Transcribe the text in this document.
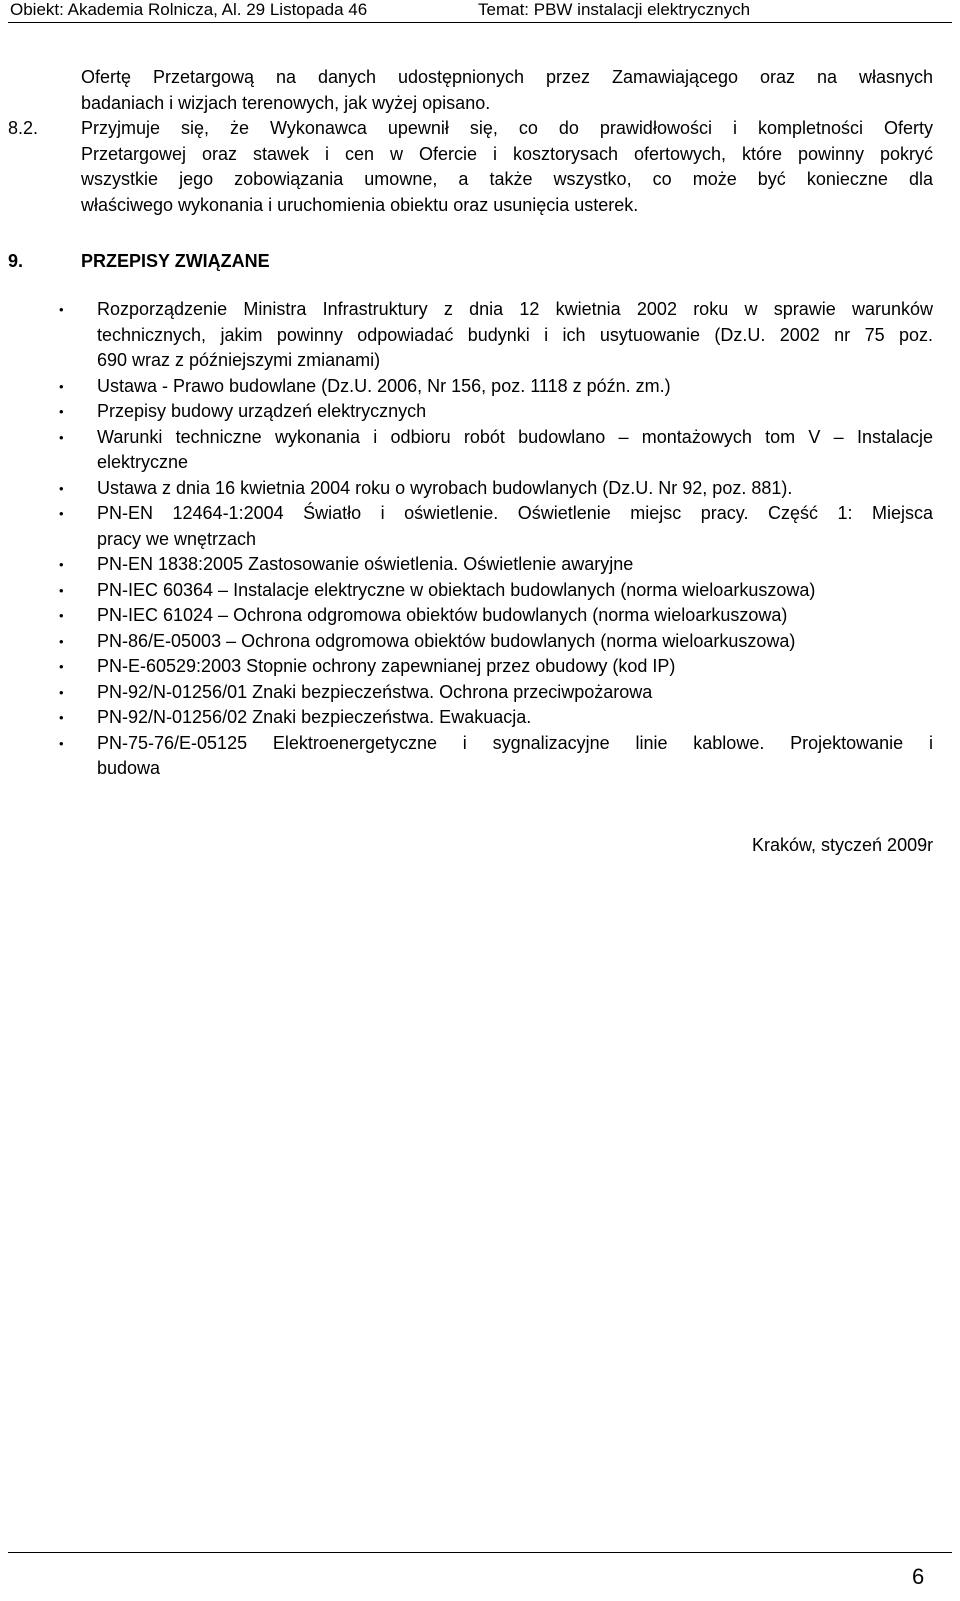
Obiekt: Akademia Rolnicza, Al. 29 Listopada 46	Temat: PBW instalacji elektrycznych
Ofertę Przetargową na danych udostępnionych przez Zamawiającego oraz na własnych
badaniach i wizjach terenowych, jak wyżej opisano.
8.2. Przyjmuje się, że Wykonawca upewnił się, co do prawidłowości i kompletności Oferty
Przetargowej oraz stawek i cen w Ofercie i kosztorysach ofertowych, które powinny pokryć
wszystkie jego zobowiązania umowne, a także wszystko, co może być konieczne dla
właściwego wykonania i uruchomienia obiektu oraz usunięcia usterek.
9.	PRZEPISY ZWIĄZANE
• Rozporządzenie Ministra Infrastruktury z dnia 12 kwietnia 2002 roku w sprawie warunków
technicznych, jakim powinny odpowiadać budynki i ich usytuowanie (Dz.U. 2002 nr 75 poz.
690 wraz z późniejszymi zmianami)
• Ustawa - Prawo budowlane (Dz.U. 2006, Nr 156, poz. 1118 z późn. zm.)
• Przepisy budowy urządzeń elektrycznych
• Warunki techniczne wykonania i odbioru robót budowlano – montażowych tom V – Instalacje
elektryczne
• Ustawa z dnia 16 kwietnia 2004 roku o wyrobach budowlanych (Dz.U. Nr 92, poz. 881).
• PN-EN 12464-1:2004 Światło i oświetlenie. Oświetlenie miejsc pracy. Część 1: Miejsca
pracy we wnętrzach
• PN-EN 1838:2005 Zastosowanie oświetlenia. Oświetlenie awaryjne
• PN-IEC 60364 – Instalacje elektryczne w obiektach budowlanych (norma wieloarkuszowa)
• PN-IEC 61024 – Ochrona odgromowa obiektów budowlanych (norma wieloarkuszowa)
• PN-86/E-05003 – Ochrona odgromowa obiektów budowlanych (norma wieloarkuszowa)
• PN-E-60529:2003 Stopnie ochrony zapewnianej przez obudowy (kod IP)
• PN-92/N-01256/01 Znaki bezpieczeństwa. Ochrona przeciwpożarowa
• PN-92/N-01256/02 Znaki bezpieczeństwa. Ewakuacja.
• PN-75-76/E-05125 Elektroenergetyczne i sygnalizacyjne linie kablowe. Projektowanie i
budowa
Kraków, styczeń 2009r
6
